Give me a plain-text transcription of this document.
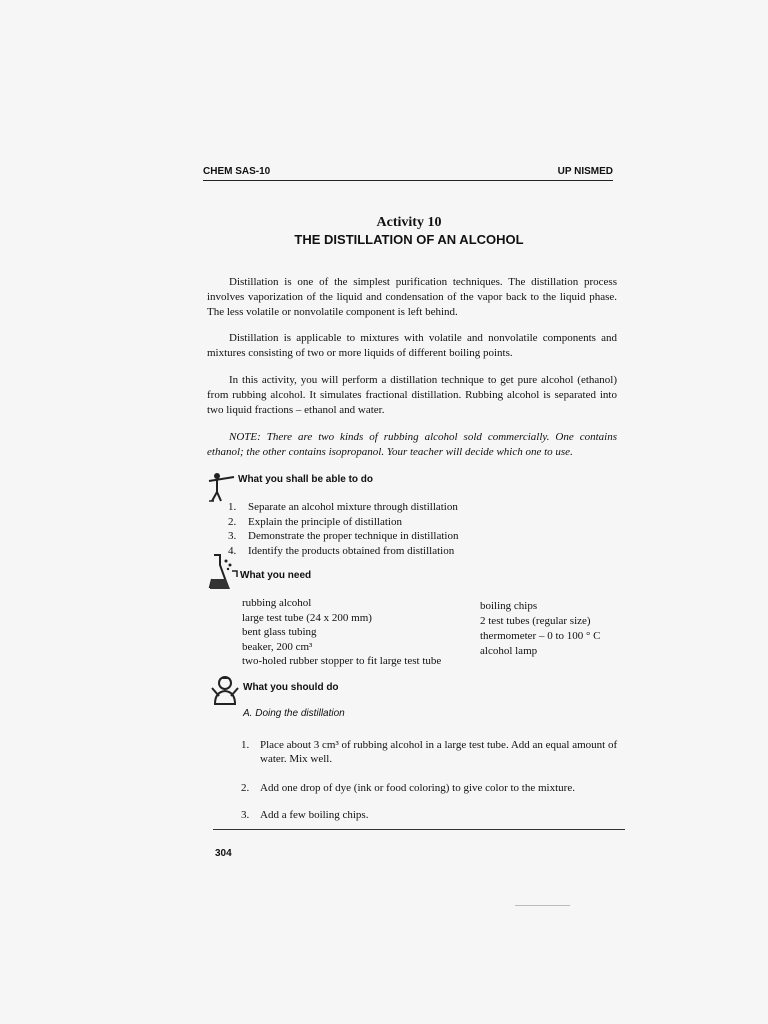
CHEM SAS-10	UP NISMED
Activity 10
THE DISTILLATION OF AN ALCOHOL

Distillation is one of the simplest purification techniques. The distillation process involves vaporization of the liquid and condensation of the vapor back to the liquid phase. The less volatile or nonvolatile component is left behind.

Distillation is applicable to mixtures with volatile and nonvolatile components and mixtures consisting of two or more liquids of different boiling points.

In this activity, you will perform a distillation technique to get pure alcohol (ethanol) from rubbing alcohol. It simulates fractional distillation. Rubbing alcohol is separated into two liquid fractions – ethanol and water.

NOTE: There are two kinds of rubbing alcohol sold commercially. One contains ethanol; the other contains isopropanol. Your teacher will decide which one to use.

What you shall be able to do
1. Separate an alcohol mixture through distillation
2. Explain the principle of distillation
3. Demonstrate the proper technique in distillation
4. Identify the products obtained from distillation
What you need
rubbing alcohol
large test tube (24 x 200 mm)
bent glass tubing
beaker, 200 cm³
two-holed rubber stopper to fit large test tube
boiling chips
2 test tubes (regular size)
thermometer – 0 to 100 ° C
alcohol lamp
What you should do
A. Doing the distillation
1. Place about 3 cm³ of rubbing alcohol in a large test tube. Add an equal amount of water. Mix well.
2. Add one drop of dye (ink or food coloring) to give color to the mixture.
3. Add a few boiling chips.
304
